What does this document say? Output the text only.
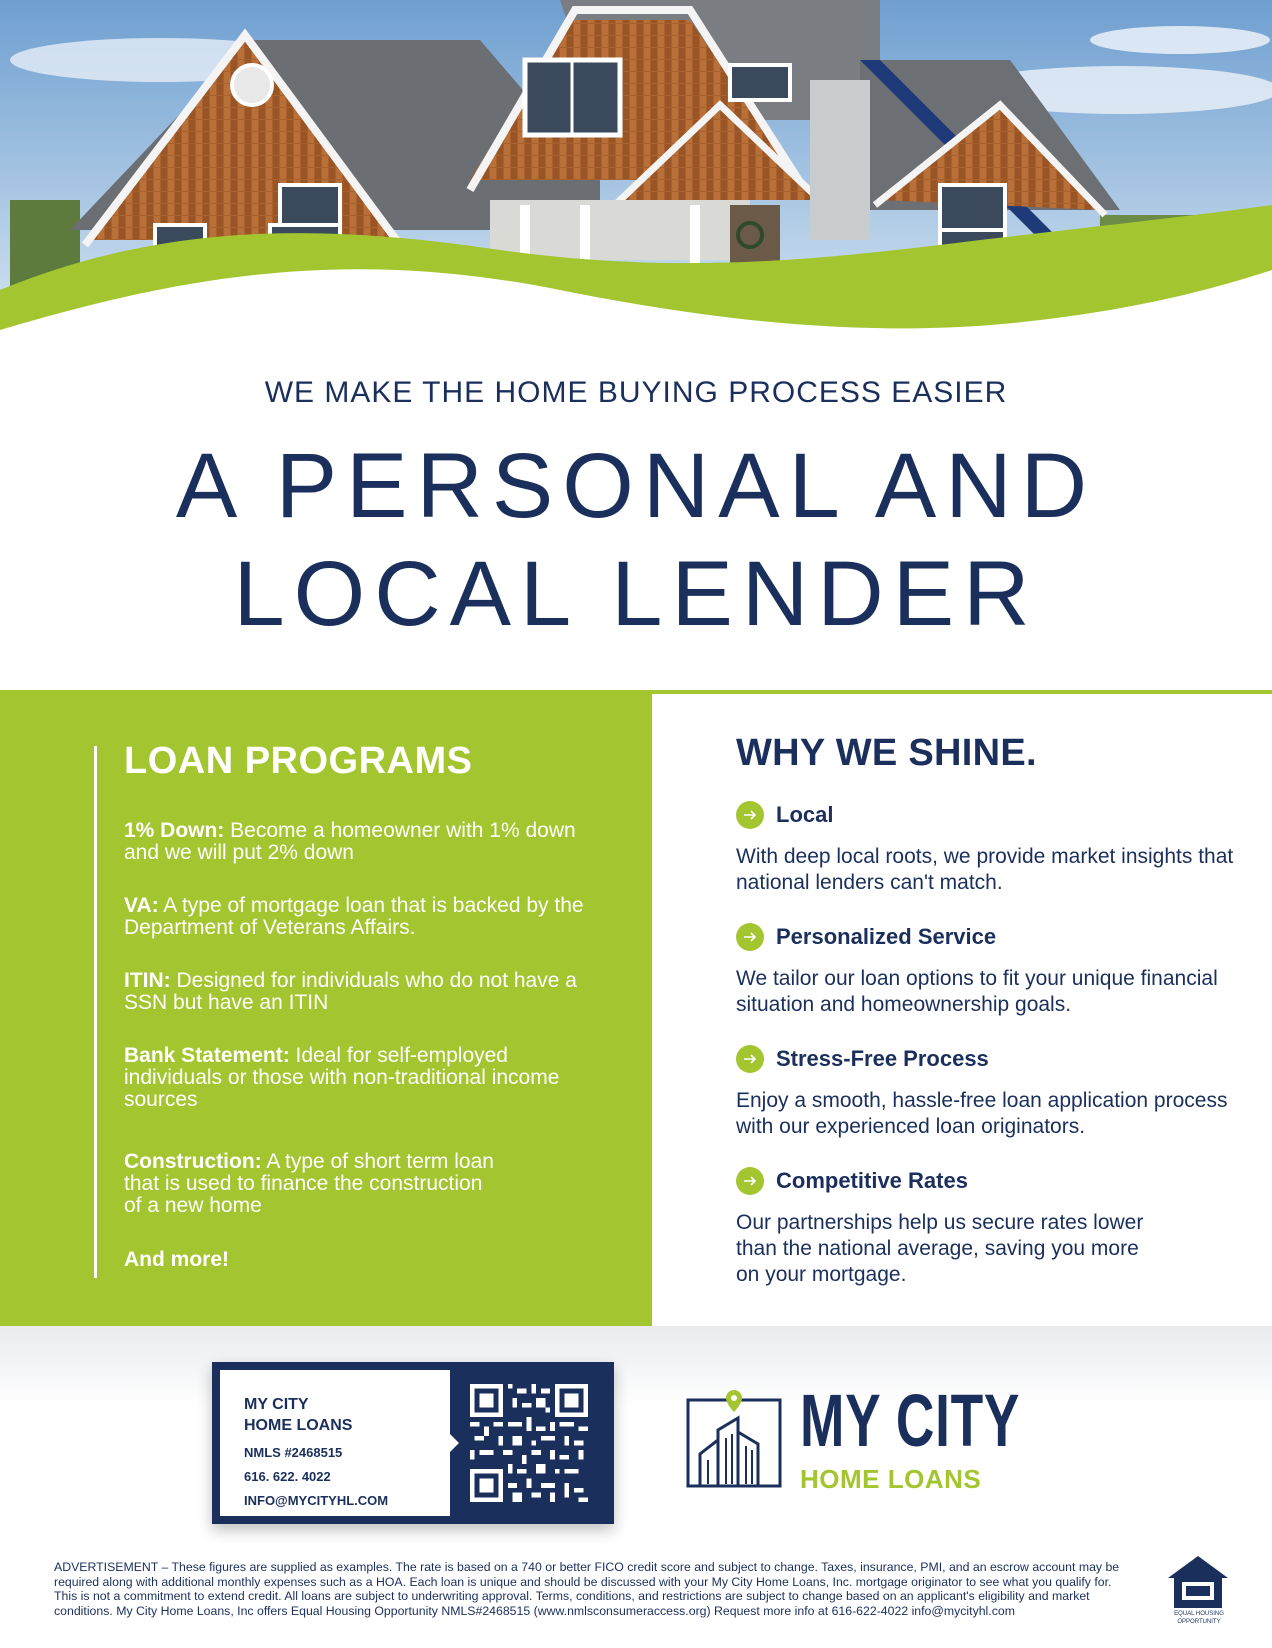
WE MAKE THE HOME BUYING PROCESS EASIER
A PERSONAL AND
LOCAL LENDER
LOAN PROGRAMS
1% Down: Become a homeowner with 1% down and we will put 2% down
VA: A type of mortgage loan that is backed by the Department of Veterans Affairs.
ITIN: Designed for individuals who do not have a SSN but have an ITIN
Bank Statement: Ideal for self-employed individuals or those with non-traditional income sources
Construction: A type of short term loan that is used to finance the construction of a new home
And more!
WHY WE SHINE.
Local
With deep local roots, we provide market insights that national lenders can't match.
Personalized Service
We tailor our loan options to fit your unique financial situation and homeownership goals.
Stress-Free Process
Enjoy a smooth, hassle-free loan application process with our experienced loan originators.
Competitive Rates
Our partnerships help us secure rates lower than the national average, saving you more on your mortgage.
MY CITY
HOME LOANS
NMLS #2468515
616. 622. 4022
INFO@MYCITYHL.COM
MY CITY
HOME LOANS
ADVERTISEMENT – These figures are supplied as examples. The rate is based on a 740 or better FICO credit score and subject to change. Taxes, insurance, PMI, and an escrow account may be required along with additional monthly expenses such as a HOA. Each loan is unique and should be discussed with your My City Home Loans, Inc. mortgage originator to see what you qualify for. This is not a commitment to extend credit. All loans are subject to underwriting approval. Terms, conditions, and restrictions are subject to change based on an applicant's eligibility and market conditions. My City Home Loans, Inc offers Equal Housing Opportunity NMLS#2468515 (www.nmlsconsumeraccess.org) Request more info at 616-622-4022 info@mycityhl.com	EQUAL HOUSING
OPPORTUNITY
